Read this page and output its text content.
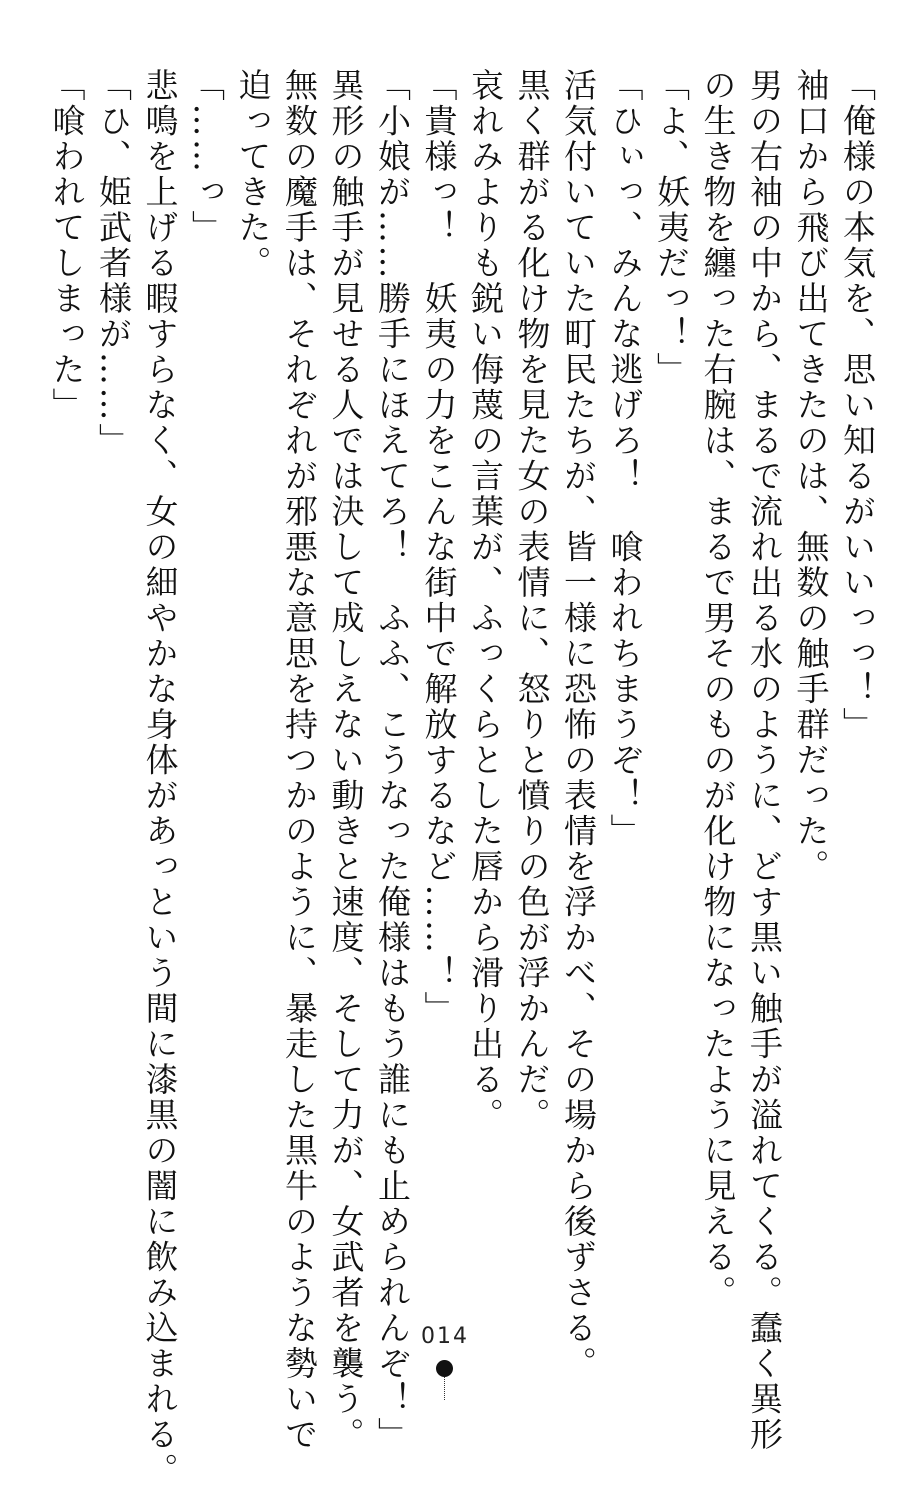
「俺様の本気を、思い知るがいいっっ！」

袖口から飛び出てきたのは、無数の触手群だった。

男の右袖の中から、まるで流れ出る水のように、どす黒い触手が溢れてくる。蠢く異形

の生き物を纏った右腕は、まるで男そのものが化け物になったように見える。

「よ、妖夷だっ！」

「ひぃっ、みんな逃げろ！　喰われちまうぞ！」

活気付いていた町民たちが、皆一様に恐怖の表情を浮かべ、その場から後ずさる。

黒く群がる化け物を見た女の表情に、怒りと憤りの色が浮かんだ。

哀れみよりも鋭い侮蔑の言葉が、ふっくらとした唇から滑り出る。

「貴様っ！　妖夷の力をこんな街中で解放するなど……！」

「小娘が……勝手にほえてろ！　ふふ、こうなった俺様はもう誰にも止められんぞ！」

異形の触手が見せる人では決して成しえない動きと速度、そして力が、女武者を襲う。

無数の魔手は、それぞれが邪悪な意思を持つかのように、暴走した黒牛のような勢いで

迫ってきた。

「……っ」

悲鳴を上げる暇すらなく、女の細やかな身体があっという間に漆黒の闇に飲み込まれる。

「ひ、姫武者様が……」

「喰われてしまった」

014
